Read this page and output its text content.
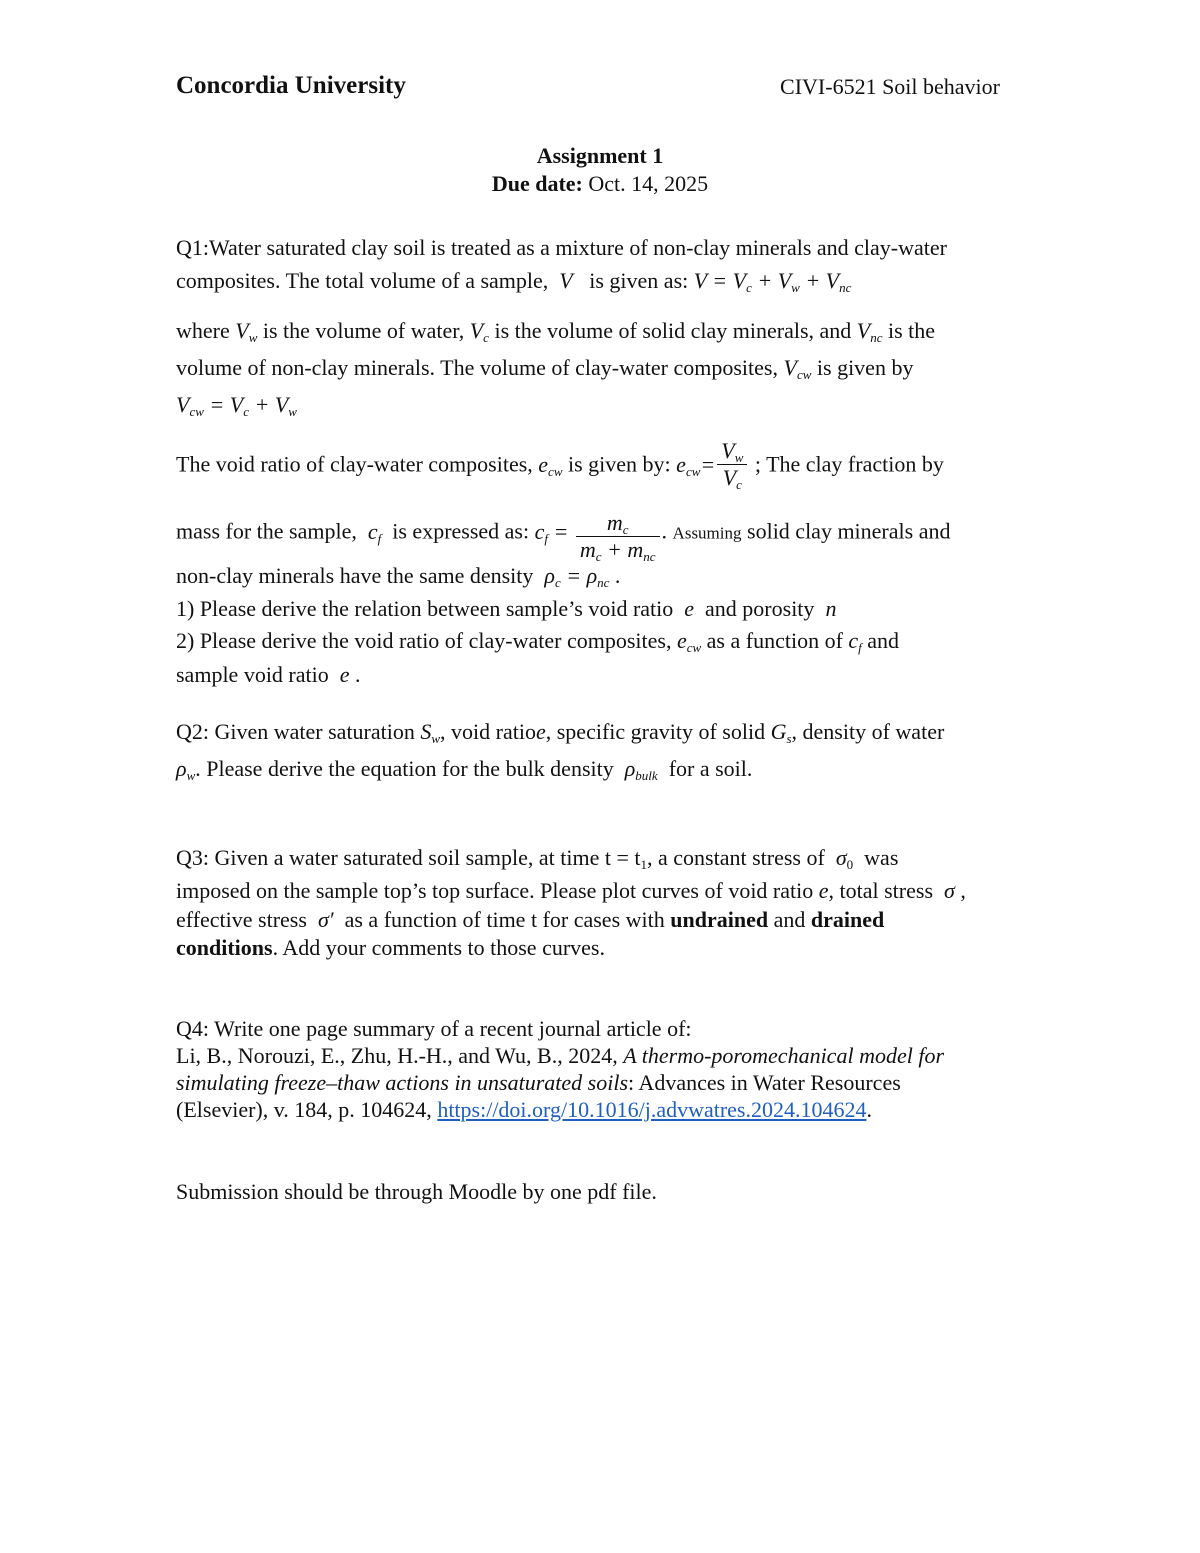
Concordia University	CIVI-6521 Soil behavior
Assignment 1
Due date: Oct. 14, 2025
Q1:Water saturated clay soil is treated as a mixture of non-clay minerals and clay-water
composites. The total volume of a sample,  V   is given as: $V = V_c + V_w + V_{nc}$
where $V_w$ is the volume of water, $V_c$ is the volume of solid clay minerals, and $V_{nc}$ is the
volume of non-clay minerals. The volume of clay-water composites, $V_{cw}$ is given by
$V_{cw} = V_c + V_w$
The void ratio of clay-water composites, $e_{cw}$ is given by: $e_{cw}= \frac{V_w}{V_c}$ ; The clay fraction by
mass for the sample,  $c_f$ is expressed as: $c_f = \frac{m_c}{m_c + m_{nc}}$ . Assuming solid clay minerals and
non-clay minerals have the same density  $\rho_c = \rho_{nc}$ .
1) Please derive the relation between sample’s void ratio  e  and porosity  n
2) Please derive the void ratio of clay-water composites, $e_{cw}$ as a function of $c_f$ and
sample void ratio  e .
Q2: Given water saturation $S_w$, void ratioe, specific gravity of solid $G_s$, density of water
$\rho_w$. Please derive the equation for the bulk density  $\rho_{bulk}$ for a soil.
Q3: Given a water saturated soil sample, at time $t = t_1$, a constant stress of  $\sigma_0$ was
imposed on the sample top’s top surface. Please plot curves of void ratio e, total stress  σ ,
effective stress  σ′  as a function of time t for cases with undrained and drained
conditions. Add your comments to those curves.
Q4: Write one page summary of a recent journal article of:
Li, B., Norouzi, E., Zhu, H.-H., and Wu, B., 2024, A thermo-poromechanical model for
simulating freeze–thaw actions in unsaturated soils: Advances in Water Resources
(Elsevier), v. 184, p. 104624, https://doi.org/10.1016/j.advwatres.2024.104624.
Submission should be through Moodle by one pdf file.
